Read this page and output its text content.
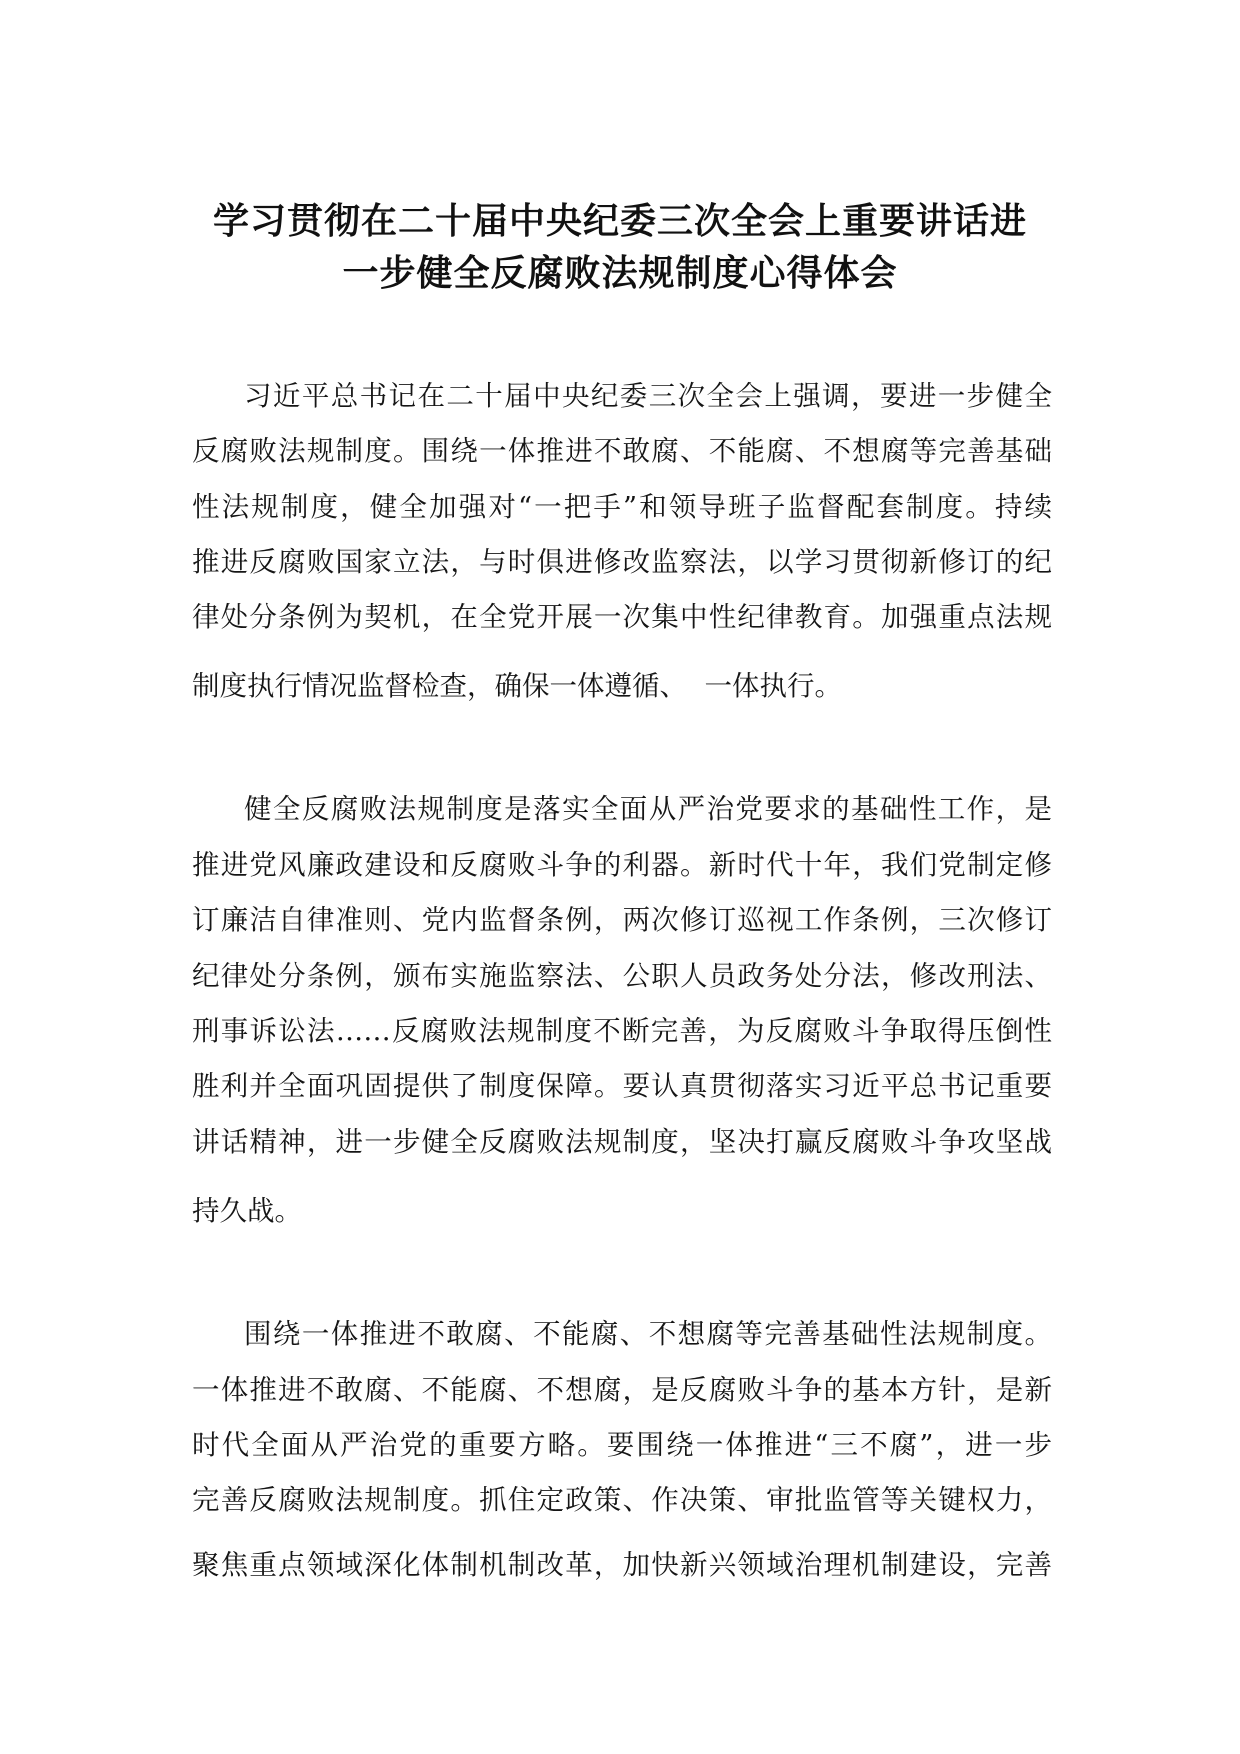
学习贯彻在二十届中央纪委三次全会上重要讲话进
一步健全反腐败法规制度心得体会
习近平总书记在二十届中央纪委三次全会上强调，要进一步健全
反腐败法规制度。围绕一体推进不敢腐、不能腐、不想腐等完善基础
性法规制度，健全加强对“一把手”和领导班子监督配套制度。持续
推进反腐败国家立法，与时俱进修改监察法，以学习贯彻新修订的纪
律处分条例为契机，在全党开展一次集中性纪律教育。加强重点法规
制度执行情况监督检查，确保一体遵循、  一体执行。
健全反腐败法规制度是落实全面从严治党要求的基础性工作，是
推进党风廉政建设和反腐败斗争的利器。新时代十年，我们党制定修
订廉洁自律准则、党内监督条例，两次修订巡视工作条例，三次修订
纪律处分条例，颁布实施监察法、公职人员政务处分法，修改刑法、
刑事诉讼法……反腐败法规制度不断完善，为反腐败斗争取得压倒性
胜利并全面巩固提供了制度保障。要认真贯彻落实习近平总书记重要
讲话精神，进一步健全反腐败法规制度，坚决打赢反腐败斗争攻坚战
持久战。
围绕一体推进不敢腐、不能腐、不想腐等完善基础性法规制度。
一体推进不敢腐、不能腐、不想腐，是反腐败斗争的基本方针，是新
时代全面从严治党的重要方略。要围绕一体推进“三不腐”，进一步
完善反腐败法规制度。抓住定政策、作决策、审批监管等关键权力，
聚焦重点领域深化体制机制改革，加快新兴领域治理机制建设，完善
